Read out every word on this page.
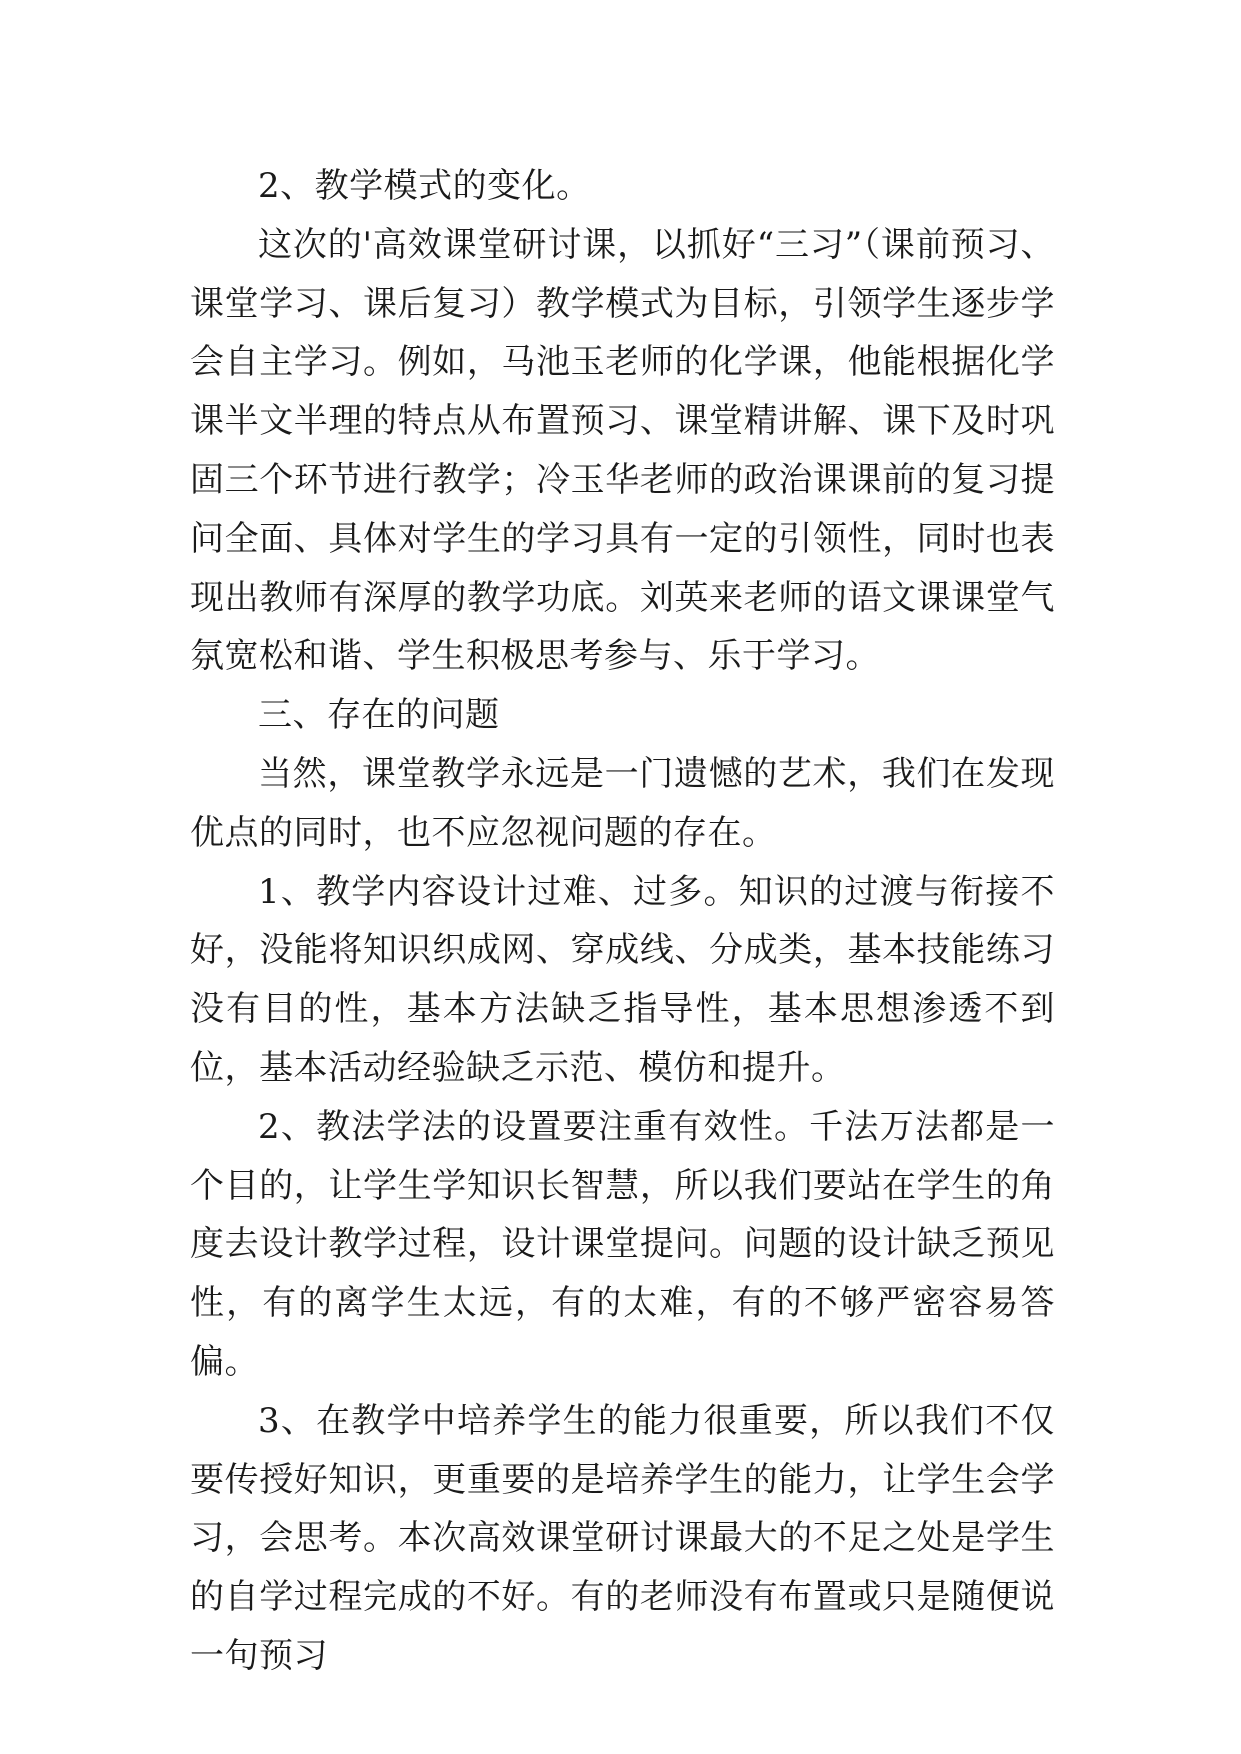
2、教学模式的变化。

这次的'高效课堂研讨课，以抓好“三习”（课前预习、课堂学习、课后复习）教学模式为目标，引领学生逐步学会自主学习。例如，马池玉老师的化学课，他能根据化学课半文半理的特点从布置预习、课堂精讲解、课下及时巩固三个环节进行教学；冷玉华老师的政治课课前的复习提问全面、具体对学生的学习具有一定的引领性，同时也表现出教师有深厚的教学功底。刘英来老师的语文课课堂气氛宽松和谐、学生积极思考参与、乐于学习。

三、存在的问题

当然，课堂教学永远是一门遗憾的艺术，我们在发现优点的同时，也不应忽视问题的存在。

1、教学内容设计过难、过多。知识的过渡与衔接不好，没能将知识织成网、穿成线、分成类，基本技能练习没有目的性，基本方法缺乏指导性，基本思想渗透不到位，基本活动经验缺乏示范、模仿和提升。

2、教法学法的设置要注重有效性。千法万法都是一个目的，让学生学知识长智慧，所以我们要站在学生的角度去设计教学过程，设计课堂提问。问题的设计缺乏预见性，有的离学生太远，有的太难，有的不够严密容易答偏。

3、在教学中培养学生的能力很重要，所以我们不仅要传授好知识，更重要的是培养学生的能力，让学生会学习，会思考。本次高效课堂研讨课最大的不足之处是学生的自学过程完成的不好。有的老师没有布置或只是随便说一句预习
